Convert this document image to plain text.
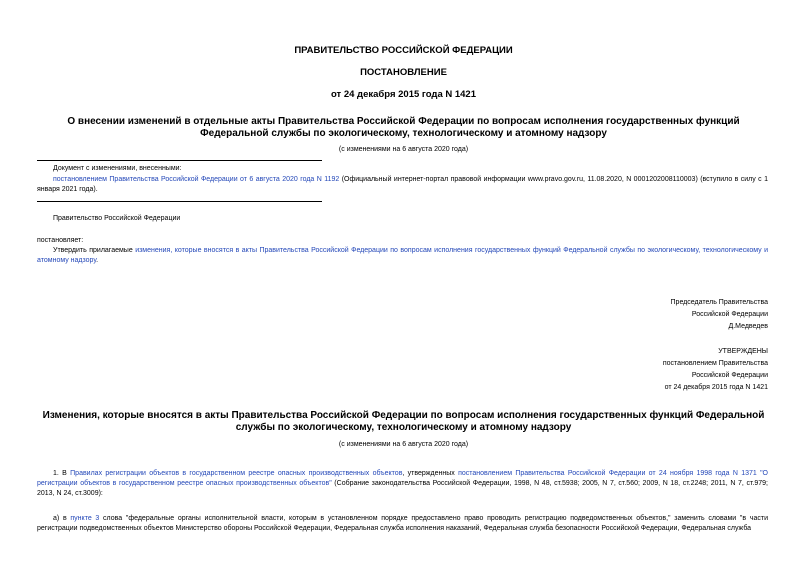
ПРАВИТЕЛЬСТВО РОССИЙСКОЙ ФЕДЕРАЦИИ
ПОСТАНОВЛЕНИЕ
от 24 декабря 2015 года N 1421
О внесении изменений в отдельные акты Правительства Российской Федерации по вопросам исполнения государственных функций Федеральной службы по экологическому, технологическому и атомному надзору
(с изменениями на 6 августа 2020 года)
Документ с изменениями, внесенными:
постановлением Правительства Российской Федерации от 6 августа 2020 года N 1192 (Официальный интернет-портал правовой информации www.pravo.gov.ru, 11.08.2020, N 0001202008110003) (вступило в силу с 1 января 2021 года).
Правительство Российской Федерации
постановляет:
Утвердить прилагаемые изменения, которые вносятся в акты Правительства Российской Федерации по вопросам исполнения государственных функций Федеральной службы по экологическому, технологическому и атомному надзору.
Председатель Правительства
Российской Федерации
Д.Медведев
УТВЕРЖДЕНЫ
постановлением Правительства
Российской Федерации
от 24 декабря 2015 года N 1421
Изменения, которые вносятся в акты Правительства Российской Федерации по вопросам исполнения государственных функций Федеральной службы по экологическому, технологическому и атомному надзору
(с изменениями на 6 августа 2020 года)
1. В Правилах регистрации объектов в государственном реестре опасных производственных объектов, утвержденных постановлением Правительства Российской Федерации от 24 ноября 1998 года N 1371 "О регистрации объектов в государственном реестре опасных производственных объектов" (Собрание законодательства Российской Федерации, 1998, N 48, ст.5938; 2005, N 7, ст.560; 2009, N 18, ст.2248; 2011, N 7, ст.979; 2013, N 24, ст.3009):
а) в пункте 3 слова "федеральные органы исполнительной власти, которым в установленном порядке предоставлено право проводить регистрацию подведомственных объектов," заменить словами "в части регистрации подведомственных объектов Министерство обороны Российской Федерации, Федеральная служба исполнения наказаний, Федеральная служба безопасности Российской Федерации, Федеральная служба
